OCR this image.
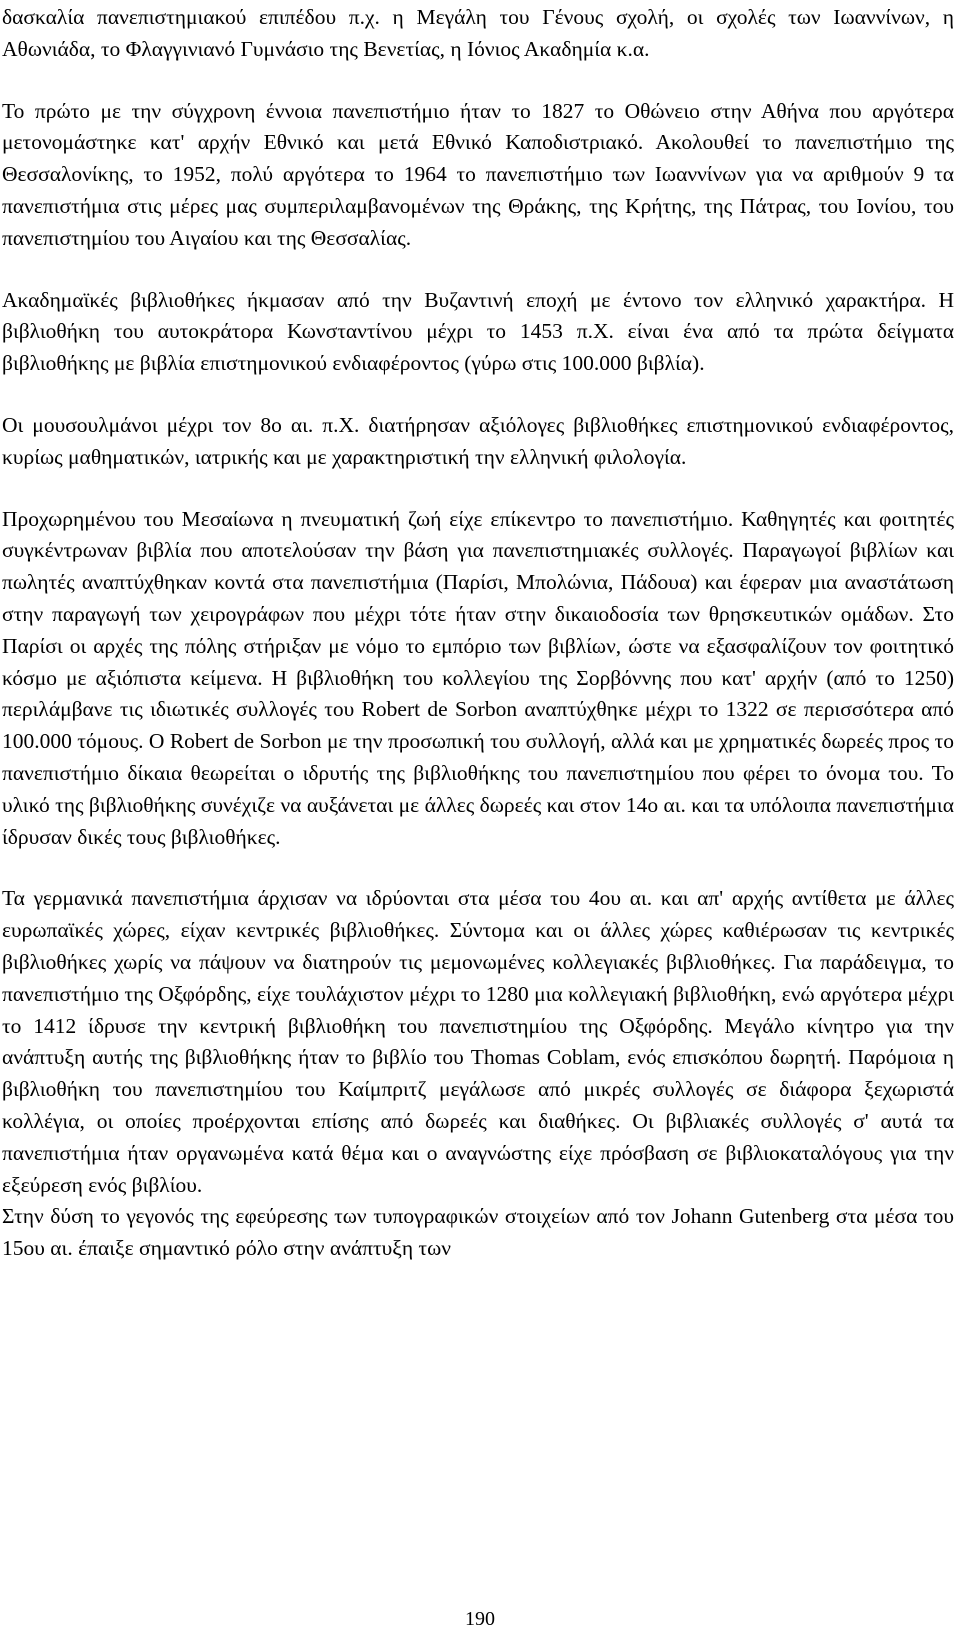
δασκαλία πανεπιστημιακού επιπέδου π.χ. η Μεγάλη του Γένους σχολή, οι σχολές των Ιωαννίνων, η Αθωνιάδα, το Φλαγγινιανό Γυμνάσιο της Βενετίας, η Ιόνιος Ακαδημία κ.α.

Το πρώτο με την σύγχρονη έννοια πανεπιστήμιο ήταν το 1827 το Οθώνειο στην Αθήνα που αργότερα μετονομάστηκε κατ' αρχήν Εθνικό και μετά Εθνικό Καποδιστριακό. Ακολουθεί το πανεπιστήμιο της Θεσσαλονίκης, το 1952, πολύ αργότερα το 1964 το πανεπιστήμιο των Ιωαννίνων για να αριθμούν 9 τα πανεπιστήμια στις μέρες μας συμπεριλαμβανομένων της Θράκης, της Κρήτης, της Πάτρας, του Ιονίου, του πανεπιστημίου του Αιγαίου και της Θεσσαλίας.

Ακαδημαϊκές βιβλιοθήκες ήκμασαν από την Βυζαντινή εποχή με έντονο τον ελληνικό χαρακτήρα. Η βιβλιοθήκη του αυτοκράτορα Κωνσταντίνου μέχρι το 1453 π.Χ. είναι ένα από τα πρώτα δείγματα βιβλιοθήκης με βιβλία επιστημονικού ενδιαφέροντος (γύρω στις 100.000 βιβλία).

Οι μουσουλμάνοι μέχρι τον 8ο αι. π.Χ. διατήρησαν αξιόλογες βιβλιοθήκες επιστημονικού ενδιαφέροντος, κυρίως μαθηματικών, ιατρικής και με χαρακτηριστική την ελληνική φιλολογία.

Προχωρημένου του Μεσαίωνα η πνευματική ζωή είχε επίκεντρο το πανεπιστήμιο. Καθηγητές και φοιτητές συγκέντρωναν βιβλία που αποτελούσαν την βάση για πανεπιστημιακές συλλογές. Παραγωγοί βιβλίων και πωλητές αναπτύχθηκαν κοντά στα πανεπιστήμια (Παρίσι, Μπολώνια, Πάδουα) και έφεραν μια αναστάτωση στην παραγωγή των χειρογράφων που μέχρι τότε ήταν στην δικαιοδοσία των θρησκευτικών ομάδων. Στο Παρίσι οι αρχές της πόλης στήριξαν με νόμο το εμπόριο των βιβλίων, ώστε να εξασφαλίζουν τον φοιτητικό κόσμο με αξιόπιστα κείμενα. Η βιβλιοθήκη του κολλεγίου της Σορβόννης που κατ' αρχήν (από το 1250) περιλάμβανε τις ιδιωτικές συλλογές του Robert de Sorbon αναπτύχθηκε μέχρι το 1322 σε περισσότερα από 100.000 τόμους. Ο Robert de Sorbon με την προσωπική του συλλογή, αλλά και με χρηματικές δωρεές προς το πανεπιστήμιο δίκαια θεωρείται ο ιδρυτής της βιβλιοθήκης του πανεπιστημίου που φέρει το όνομα του. Το υλικό της βιβλιοθήκης συνέχιζε να αυξάνεται με άλλες δωρεές και στον 14ο αι. και τα υπόλοιπα πανεπιστήμια ίδρυσαν δικές τους βιβλιοθήκες.

Τα γερμανικά πανεπιστήμια άρχισαν να ιδρύονται στα μέσα του 4ου αι. και απ' αρχής αντίθετα με άλλες ευρωπαϊκές χώρες, είχαν κεντρικές βιβλιοθήκες. Σύντομα και οι άλλες χώρες καθιέρωσαν τις κεντρικές βιβλιοθήκες χωρίς να πάψουν να διατηρούν τις μεμονωμένες κολλεγιακές βιβλιοθήκες. Για παράδειγμα, το πανεπιστήμιο της Οξφόρδης, είχε τουλάχιστον μέχρι το 1280 μια κολλεγιακή βιβλιοθήκη, ενώ αργότερα μέχρι το 1412 ίδρυσε την κεντρική βιβλιοθήκη του πανεπιστημίου της Οξφόρδης. Μεγάλο κίνητρο για την ανάπτυξη αυτής της βιβλιοθήκης ήταν το βιβλίο του Thomas Coblam, ενός επισκόπου δωρητή. Παρόμοια η βιβλιοθήκη του πανεπιστημίου του Καίμπριτζ μεγάλωσε από μικρές συλλογές σε διάφορα ξεχωριστά κολλέγια, οι οποίες προέρχονται επίσης από δωρεές και διαθήκες. Οι βιβλιακές συλλογές σ' αυτά τα πανεπιστήμια ήταν οργανωμένα κατά θέμα και ο αναγνώστης είχε πρόσβαση σε βιβλιοκαταλόγους για την εξεύρεση ενός βιβλίου.

Στην δύση το γεγονός της εφεύρεσης των τυπογραφικών στοιχείων από τον Johann Gutenberg στα μέσα του 15ου αι. έπαιξε σημαντικό ρόλο στην ανάπτυξη των

190
